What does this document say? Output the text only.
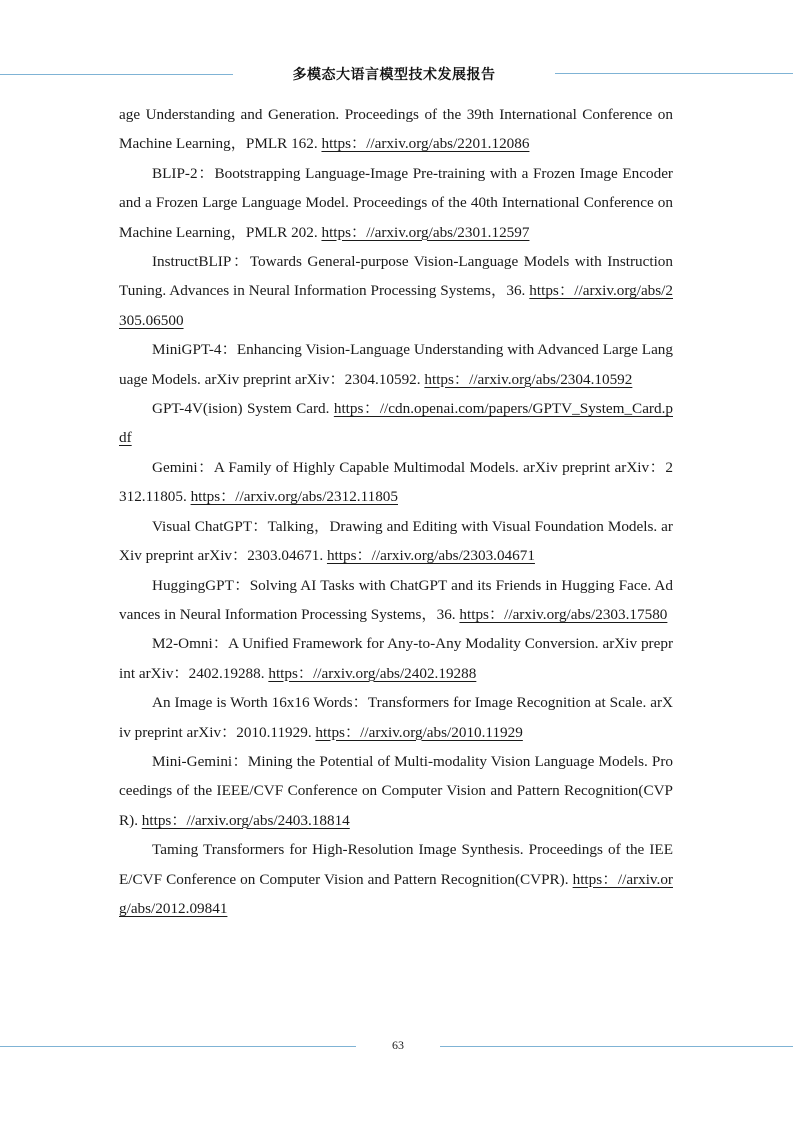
多模态大语言模型技术发展报告

age Understanding and Generation. Proceedings of the 39th International Conference on Machine Learning，PMLR 162. https：//arxiv.org/abs/2201.12086

BLIP-2：Bootstrapping Language-Image Pre-training with a Frozen Image Encoder and a Frozen Large Language Model. Proceedings of the 40th International Conference on Machine Learning，PMLR 202. https：//arxiv.org/abs/2301.12597

InstructBLIP：Towards General-purpose Vision-Language Models with Instruction Tuning. Advances in Neural Information Processing Systems，36. https：//arxiv.org/abs/2305.06500

MiniGPT-4：Enhancing Vision-Language Understanding with Advanced Large Language Models. arXiv preprint arXiv：2304.10592. https：//arxiv.org/abs/2304.10592

GPT-4V(ision) System Card. https：//cdn.openai.com/papers/GPTV_System_Card.pdf

Gemini：A Family of Highly Capable Multimodal Models. arXiv preprint arXiv：2312.11805. https：//arxiv.org/abs/2312.11805

Visual ChatGPT：Talking，Drawing and Editing with Visual Foundation Models. arXiv preprint arXiv：2303.04671. https：//arxiv.org/abs/2303.04671

HuggingGPT：Solving AI Tasks with ChatGPT and its Friends in Hugging Face. Advances in Neural Information Processing Systems，36. https：//arxiv.org/abs/2303.17580

M2-Omni：A Unified Framework for Any-to-Any Modality Conversion. arXiv preprint arXiv：2402.19288. https：//arxiv.org/abs/2402.19288

An Image is Worth 16x16 Words：Transformers for Image Recognition at Scale. arXiv preprint arXiv：2010.11929. https：//arxiv.org/abs/2010.11929

Mini-Gemini：Mining the Potential of Multi-modality Vision Language Models. Proceedings of the IEEE/CVF Conference on Computer Vision and Pattern Recognition(CVPR). https：//arxiv.org/abs/2403.18814

Taming Transformers for High-Resolution Image Synthesis. Proceedings of the IEEE/CVF Conference on Computer Vision and Pattern Recognition(CVPR). https：//arxiv.org/abs/2012.09841

63
